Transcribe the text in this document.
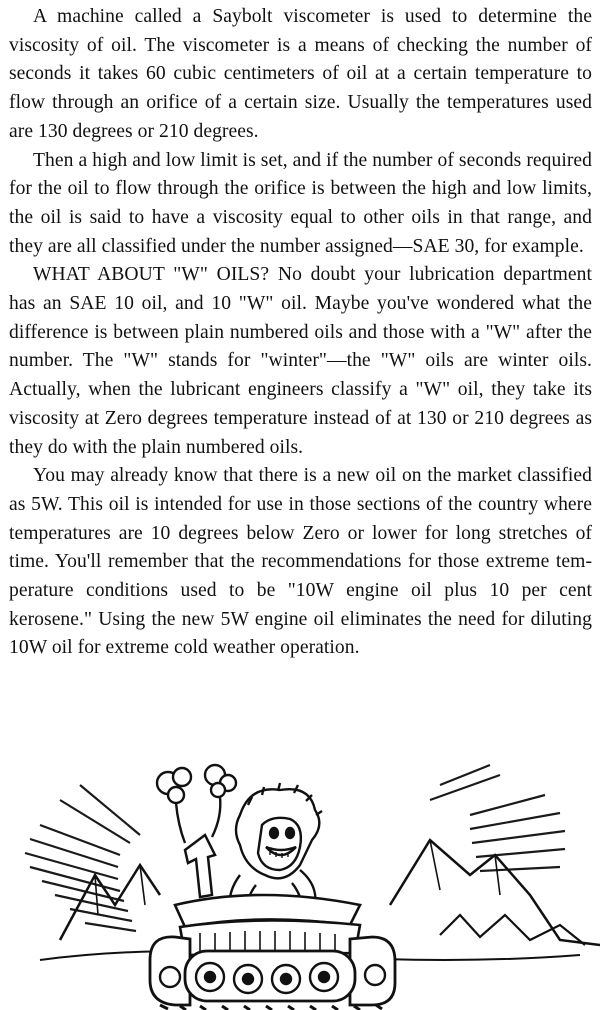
A machine called a Saybolt viscometer is used to determine the viscosity of oil. The viscometer is a means of checking the number of seconds it takes 60 cubic centimeters of oil at a certain temperature to flow through an orifice of a certain size. Usually the temperatures used are 130 degrees or 210 degrees.

Then a high and low limit is set, and if the number of seconds required for the oil to flow through the orifice is between the high and low limits, the oil is said to have a viscosity equal to other oils in that range, and they are all classified under the number assigned—SAE 30, for example.

WHAT ABOUT "W" OILS? No doubt your lubrication department has an SAE 10 oil, and 10 "W" oil. Maybe you've wondered what the difference is between plain numbered oils and those with a "W" after the number. The "W" stands for "winter"—the "W" oils are winter oils. Actually, when the lubricant engineers classify a "W" oil, they take its viscosity at Zero degrees temperature instead of at 130 or 210 degrees as they do with the plain numbered oils.

You may already know that there is a new oil on the market classified as 5W. This oil is intended for use in those sections of the country where temperatures are 10 degrees below Zero or lower for long stretches of time. You'll remember that the recommendations for those extreme temperature conditions used to be "10W engine oil plus 10 per cent kerosene." Using the new 5W engine oil eliminates the need for diluting 10W oil for extreme cold weather operation.
